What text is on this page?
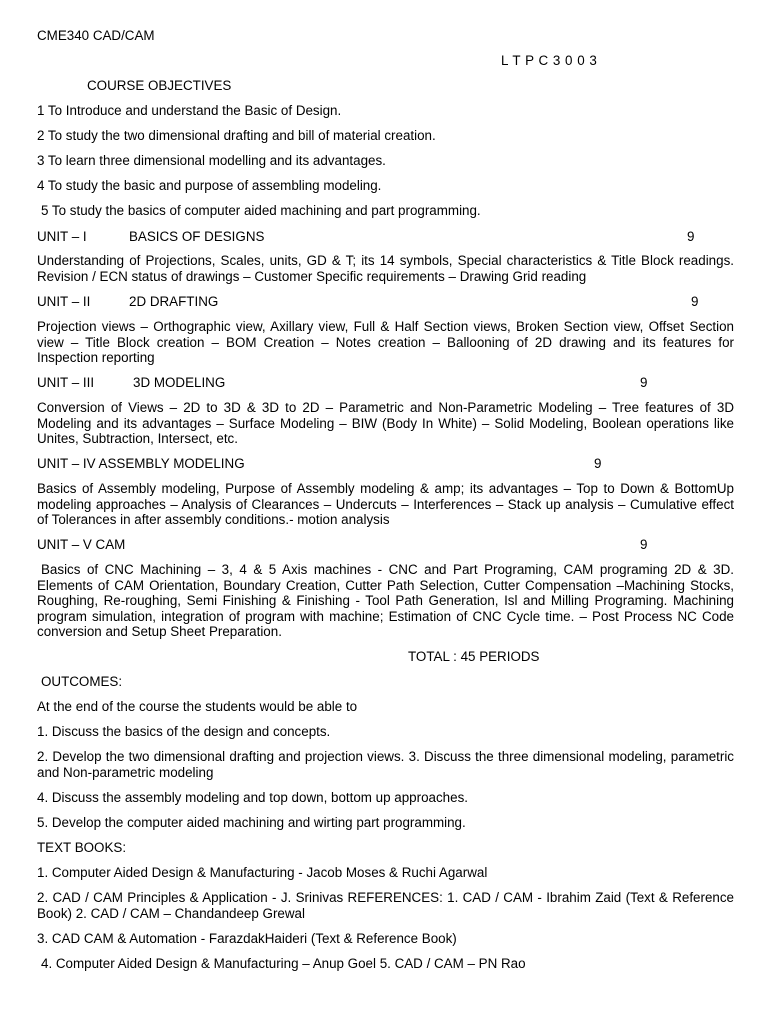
CME340 CAD/CAM
L T P C 3 0 0 3
COURSE OBJECTIVES
1 To Introduce and understand the Basic of Design.
2 To study the two dimensional drafting and bill of material creation.
3 To learn three dimensional modelling and its advantages.
4 To study the basic and purpose of assembling modeling.
5 To study the basics of computer aided machining and part programming.
UNIT – I	BASICS OF DESIGNS	9
Understanding of Projections, Scales, units, GD & T; its 14 symbols, Special characteristics & Title Block readings. Revision / ECN status of drawings – Customer Specific requirements – Drawing Grid reading
UNIT – II	2D DRAFTING	9
Projection views – Orthographic view, Axillary view, Full & Half Section views, Broken Section view, Offset Section view – Title Block creation – BOM Creation – Notes creation – Ballooning of 2D drawing and its features for Inspection reporting
UNIT – III	3D MODELING	9
Conversion of Views – 2D to 3D & 3D to 2D – Parametric and Non-Parametric Modeling – Tree features of 3D Modeling and its advantages – Surface Modeling – BIW (Body In White) – Solid Modeling, Boolean operations like Unites, Subtraction, Intersect, etc.
UNIT – IV ASSEMBLY MODELING	9
Basics of Assembly modeling, Purpose of Assembly modeling & amp; its advantages – Top to Down & BottomUp modeling approaches – Analysis of Clearances – Undercuts – Interferences – Stack up analysis – Cumulative effect of Tolerances in after assembly conditions.- motion analysis
UNIT – V CAM	9
Basics of CNC Machining – 3, 4 & 5 Axis machines - CNC and Part Programing, CAM programing 2D & 3D. Elements of CAM Orientation, Boundary Creation, Cutter Path Selection, Cutter Compensation –Machining Stocks, Roughing, Re-roughing, Semi Finishing & Finishing - Tool Path Generation, Isl and Milling Programing. Machining program simulation, integration of program with machine; Estimation of CNC Cycle time. – Post Process NC Code conversion and Setup Sheet Preparation.
TOTAL : 45 PERIODS
OUTCOMES:
At the end of the course the students would be able to
1. Discuss the basics of the design and concepts.
2. Develop the two dimensional drafting and projection views. 3. Discuss the three dimensional modeling, parametric and Non-parametric modeling
4. Discuss the assembly modeling and top down, bottom up approaches.
5. Develop the computer aided machining and wirting part programming.
TEXT BOOKS:
1. Computer Aided Design & Manufacturing - Jacob Moses & Ruchi Agarwal
2. CAD / CAM Principles & Application - J. Srinivas REFERENCES: 1. CAD / CAM - Ibrahim Zaid (Text & Reference Book) 2. CAD / CAM – Chandandeep Grewal
3. CAD CAM & Automation - FarazdakHaideri (Text & Reference Book)
4. Computer Aided Design & Manufacturing – Anup Goel 5. CAD / CAM – PN Rao
